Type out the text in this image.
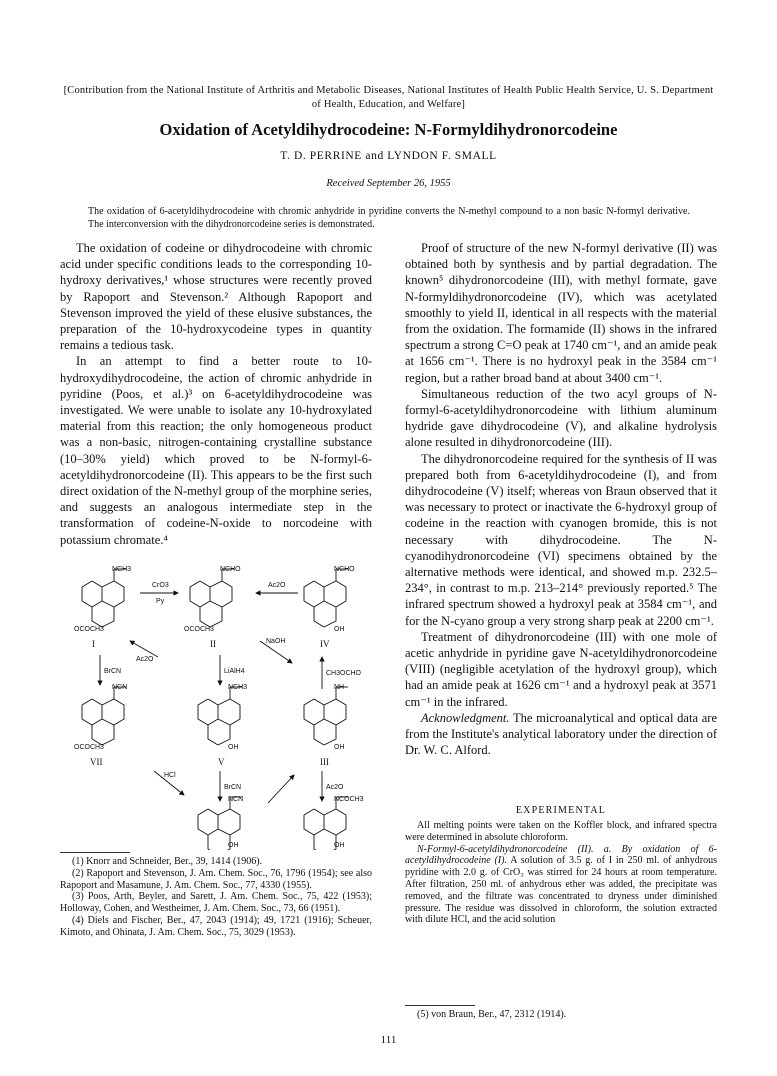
[Contribution from the National Institute of Arthritis and Metabolic Diseases, National Institutes of Health Public Health Service, U. S. Department of Health, Education, and Welfare]
Oxidation of Acetyldihydrocodeine: N-Formyldihydronorcodeine
T. D. PERRINE and LYNDON F. SMALL
Received September 26, 1955
The oxidation of 6-acetyldihydrocodeine with chromic anhydride in pyridine converts the N-methyl compound to a non basic N-formyl derivative. The interconversion with the dihydronorcodeine series is demonstrated.

The oxidation of codeine or dihydrocodeine with chromic acid under specific conditions leads to the corresponding 10-hydroxy derivatives,¹ whose structures were recently proved by Rapoport and Stevenson.² Although Rapoport and Stevenson improved the yield of these elusive substances, the preparation of the 10-hydroxycodeine types in quantity remains a tedious task.

In an attempt to find a better route to 10-hydroxydihydrocodeine, the action of chromic anhydride in pyridine (Poos, et al.)³ on 6-acetyldihydrocodeine was investigated. We were unable to isolate any 10-hydroxylated material from this reaction; the only homogeneous product was a non-basic, nitrogen-containing crystalline substance (10–30% yield) which proved to be N-formyl-6-acetyldihydronorcodeine (II). This appears to be the first such direct oxidation of the N-methyl group of the morphine series, and suggests an analogous intermediate step in the transformation of codeine-N-oxide to norcodeine with potassium chromate.⁴

NCH3
OCOCH3
I
CrO3
Py
NCHO
OCOCH3
II
Ac2O
NCHO
OH
IV
BrCN
Ac2O
LiAlH4
NaOH
CH3OCHO
NCN
OCOCH3
VII
NCH3
OH
V
NH
OH
III
HCl
BrCN	Ac2O
NCN
OH
NCOCH3
OH

(1) Knorr and Schneider, Ber., 39, 1414 (1906).

(2) Rapoport and Stevenson, J. Am. Chem. Soc., 76, 1796 (1954); see also Rapoport and Masamune, J. Am. Chem. Soc., 77, 4330 (1955).

(3) Poos, Arth, Beyler, and Sarett, J. Am. Chem. Soc., 75, 422 (1953); Holloway, Cohen, and Westheimer, J. Am. Chem. Soc., 73, 66 (1951).

(4) Diels and Fischer, Ber., 47, 2043 (1914); 49, 1721 (1916); Scheuer, Kimoto, and Ohinata, J. Am. Chem. Soc., 75, 3029 (1953).

Proof of structure of the new N-formyl derivative (II) was obtained both by synthesis and by partial degradation. The known⁵ dihydronorcodeine (III), with methyl formate, gave N-formyldihydronorcodeine (IV), which was acetylated smoothly to yield II, identical in all respects with the material from the oxidation. The formamide (II) shows in the infrared spectrum a strong C=O peak at 1740 cm⁻¹, and an amide peak at 1656 cm⁻¹. There is no hydroxyl peak in the 3584 cm⁻¹ region, but a rather broad band at about 3400 cm⁻¹.

Simultaneous reduction of the two acyl groups of N-formyl-6-acetyldihydronorcodeine with lithium aluminum hydride gave dihydrocodeine (V), and alkaline hydrolysis alone resulted in dihydronorcodeine (III).

The dihydronorcodeine required for the synthesis of II was prepared both from 6-acetyldihydrocodeine (I), and from dihydrocodeine (V) itself; whereas von Braun observed that it was necessary to protect or inactivate the 6-hydroxyl group of codeine in the reaction with cyanogen bromide, this is not necessary with dihydrocodeine. The N-cyanodihydronorcodeine (VI) specimens obtained by the alternative methods were identical, and showed m.p. 232.5–234°, in contrast to m.p. 213–214° previously reported.⁵ The infrared spectrum showed a hydroxyl peak at 3584 cm⁻¹, and for the N-cyano group a very strong sharp peak at 2200 cm⁻¹.

Treatment of dihydronorcodeine (III) with one mole of acetic anhydride in pyridine gave N-acetyldihydronorcodeine (VIII) (negligible acetylation of the hydroxyl group), which had an amide peak at 1626 cm⁻¹ and a hydroxyl peak at 3571 cm⁻¹ in the infrared.

Acknowledgment. The microanalytical and optical data are from the Institute's analytical laboratory under the direction of Dr. W. C. Alford.

EXPERIMENTAL

All melting points were taken on the Koffler block, and infrared spectra were determined in absolute chloroform.

N-Formyl-6-acetyldihydronorcodeine (II). a. By oxidation of 6-acetyldihydrocodeine (I). A solution of 3.5 g. of I in 250 ml. of anhydrous pyridine with 2.0 g. of CrO₃ was stirred for 24 hours at room temperature. After filtration, 250 ml. of anhydrous ether was added, the precipitate was removed, and the filtrate was concentrated to dryness under diminished pressure. The residue was dissolved in chloroform, the solution extracted with dilute HCl, and the acid solution

(5) von Braun, Ber., 47, 2312 (1914).
111
